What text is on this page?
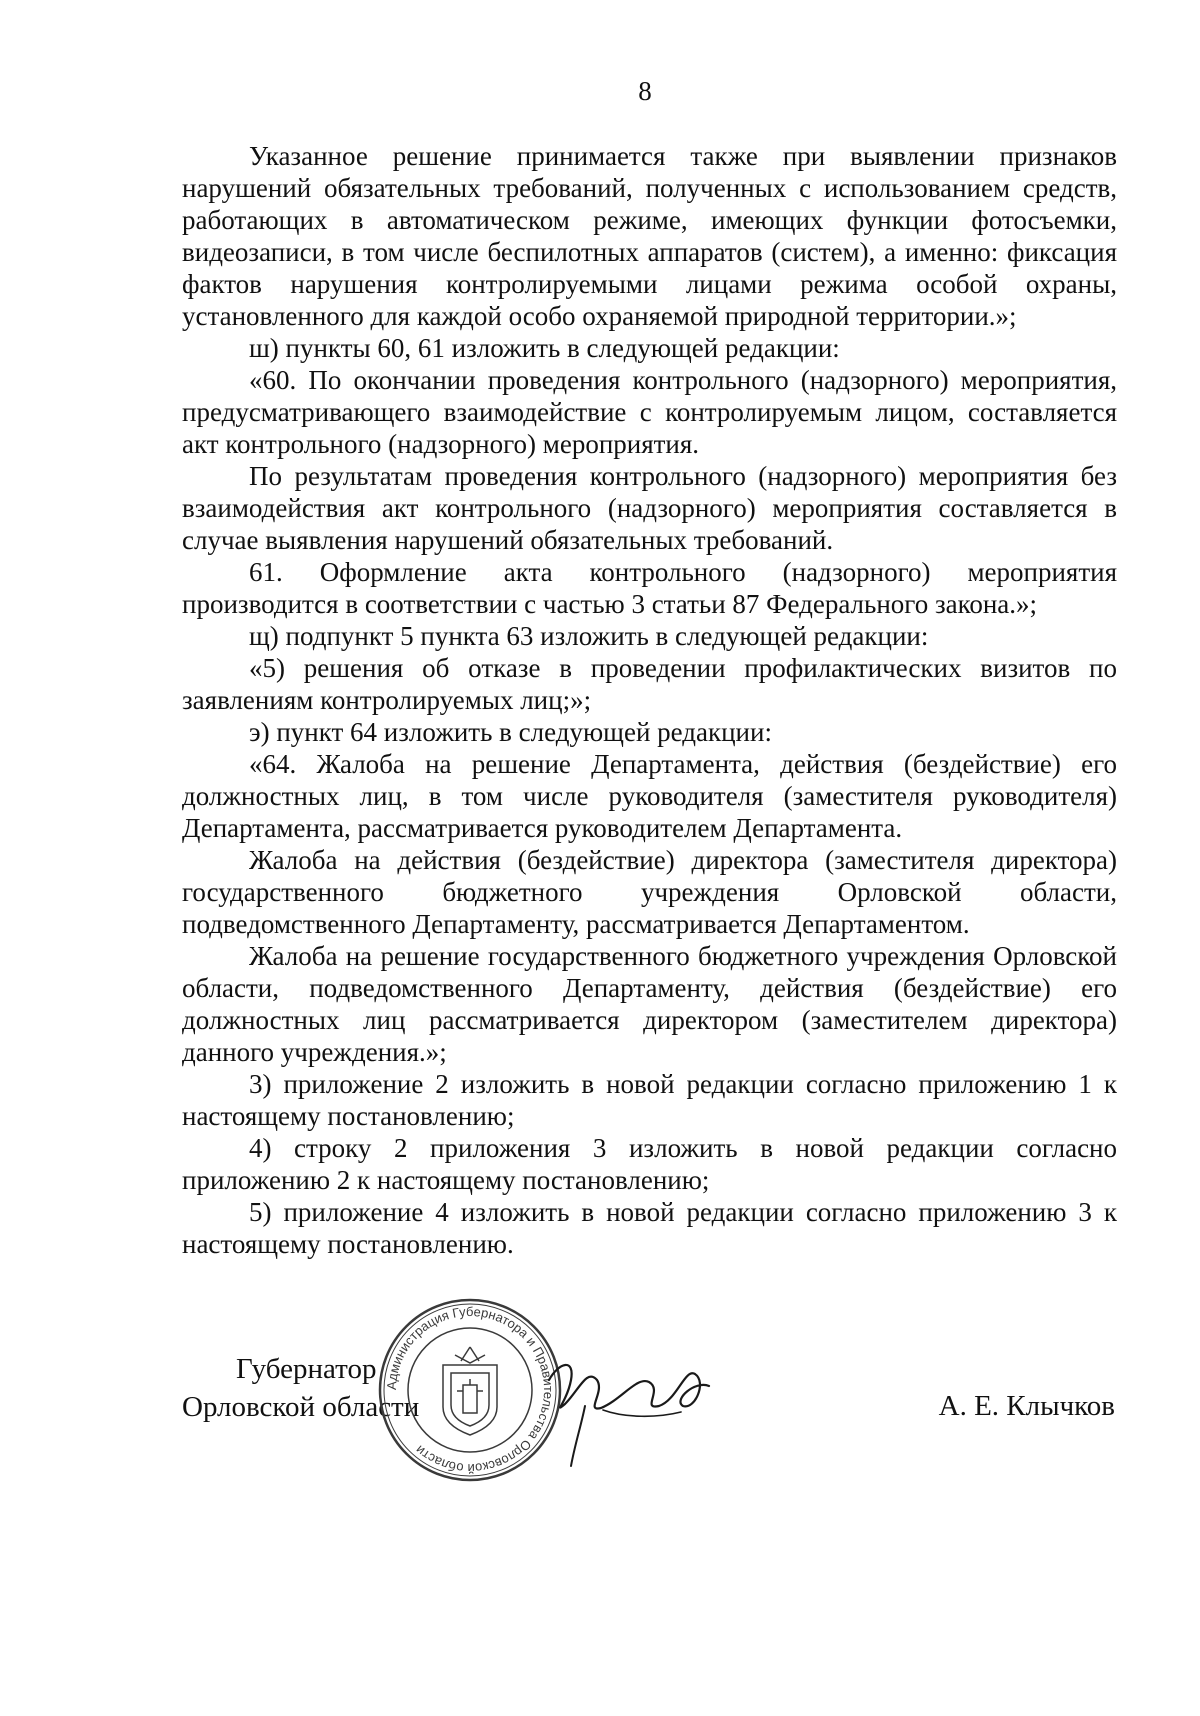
8

Указанное решение принимается также при выявлении признаков нарушений обязательных требований, полученных с использованием средств, работающих в автоматическом режиме, имеющих функции фотосъемки, видеозаписи, в том числе беспилотных аппаратов (систем), а именно: фиксация фактов нарушения контролируемыми лицами режима особой охраны, установленного для каждой особо охраняемой природной территории.»;

ш) пункты 60, 61 изложить в следующей редакции:

«60. По окончании проведения контрольного (надзорного) мероприятия, предусматривающего взаимодействие с контролируемым лицом, составляется акт контрольного (надзорного) мероприятия.

По результатам проведения контрольного (надзорного) мероприятия без взаимодействия акт контрольного (надзорного) мероприятия составляется в случае выявления нарушений обязательных требований.

61. Оформление акта контрольного (надзорного) мероприятия производится в соответствии с частью 3 статьи 87 Федерального закона.»;

щ) подпункт 5 пункта 63 изложить в следующей редакции:

«5) решения об отказе в проведении профилактических визитов по заявлениям контролируемых лиц;»;

э) пункт 64 изложить в следующей редакции:

«64. Жалоба на решение Департамента, действия (бездействие) его должностных лиц, в том числе руководителя (заместителя руководителя) Департамента, рассматривается руководителем Департамента.

Жалоба на действия (бездействие) директора (заместителя директора) государственного бюджетного учреждения Орловской области, подведомственного Департаменту, рассматривается Департаментом.

Жалоба на решение государственного бюджетного учреждения Орловской области, подведомственного Департаменту, действия (бездействие) его должностных лиц рассматривается директором (заместителем директора) данного учреждения.»;

3) приложение 2 изложить в новой редакции согласно приложению 1 к настоящему постановлению;

4) строку 2 приложения 3 изложить в новой редакции согласно приложению 2 к настоящему постановлению;

5) приложение 4 изложить в новой редакции согласно приложению 3 к настоящему постановлению.

Губернатор
Орловской области
Администрация Губернатора и Правительства Орловской области
А. Е. Клычков
